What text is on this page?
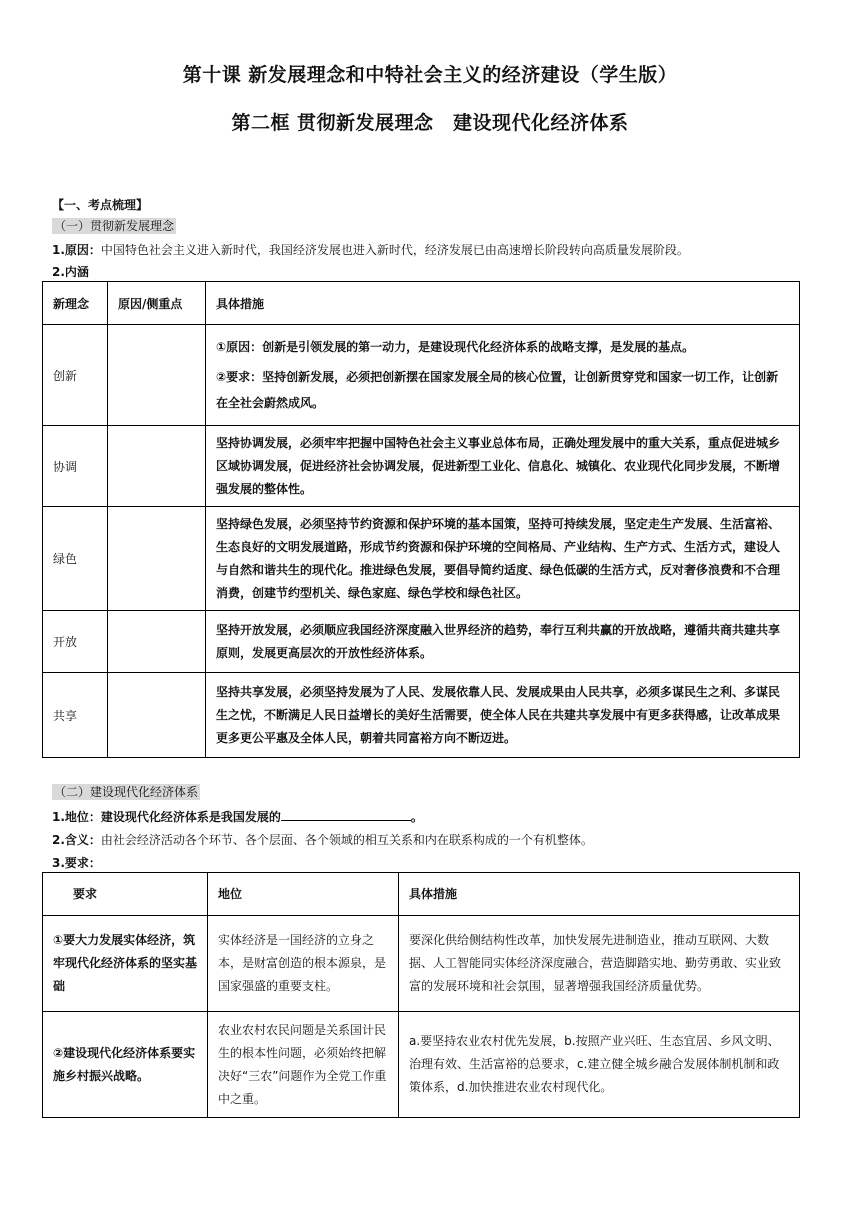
第十课 新发展理念和中特社会主义的经济建设（学生版）
第二框 贯彻新发展理念　建设现代化经济体系
【一、考点梳理】
（一）贯彻新发展理念
1.原因：中国特色社会主义进入新时代，我国经济发展也进入新时代，经济发展已由高速增长阶段转向高质量发展阶段。
2.内涵
新理念	原因/侧重点	具体措施
创新		①原因：创新是引领发展的第一动力，是建设现代化经济体系的战略支撑，是发展的基点。
②要求：坚持创新发展，必须把创新摆在国家发展全局的核心位置，让创新贯穿党和国家一切工作，让创新在全社会蔚然成风。

协调		坚持协调发展，必须牢牢把握中国特色社会主义事业总体布局，正确处理发展中的重大关系，重点促进城乡区域协调发展，促进经济社会协调发展，促进新型工业化、信息化、城镇化、农业现代化同步发展，不断增强发展的整体性。
绿色		坚持绿色发展，必须坚持节约资源和保护环境的基本国策，坚持可持续发展，坚定走生产发展、生活富裕、生态良好的文明发展道路，形成节约资源和保护环境的空间格局、产业结构、生产方式、生活方式，建设人与自然和谐共生的现代化。推进绿色发展，要倡导简约适度、绿色低碳的生活方式，反对奢侈浪费和不合理消费，创建节约型机关、绿色家庭、绿色学校和绿色社区。
开放		坚持开放发展，必须顺应我国经济深度融入世界经济的趋势，奉行互利共赢的开放战略，遵循共商共建共享原则，发展更高层次的开放性经济体系。
共享		坚持共享发展，必须坚持发展为了人民、发展依靠人民、发展成果由人民共享，必须多谋民生之利、多谋民生之忧，不断满足人民日益增长的美好生活需要，使全体人民在共建共享发展中有更多获得感，让改革成果更多更公平惠及全体人民，朝着共同富裕方向不断迈进。
（二）建设现代化经济体系
1.地位：建设现代化经济体系是我国发展的	。
2.含义：由社会经济活动各个环节、各个层面、各个领域的相互关系和内在联系构成的一个有机整体。
3.要求：
要求	地位	具体措施
①要大力发展实体经济，筑牢现代化经济体系的坚实基础	实体经济是一国经济的立身之本，是财富创造的根本源泉，是国家强盛的重要支柱。	要深化供给侧结构性改革，加快发展先进制造业，推动互联网、大数据、人工智能同实体经济深度融合，营造脚踏实地、勤劳勇敢、实业致富的发展环境和社会氛围，显著增强我国经济质量优势。
②建设现代化经济体系要实施乡村振兴战略。	农业农村农民问题是关系国计民生的根本性问题，必须始终把解决好“三农”问题作为全党工作重中之重。	a.要坚持农业农村优先发展，b.按照产业兴旺、生态宜居、乡风文明、治理有效、生活富裕的总要求，c.建立健全城乡融合发展体制机制和政策体系，d.加快推进农业农村现代化。
